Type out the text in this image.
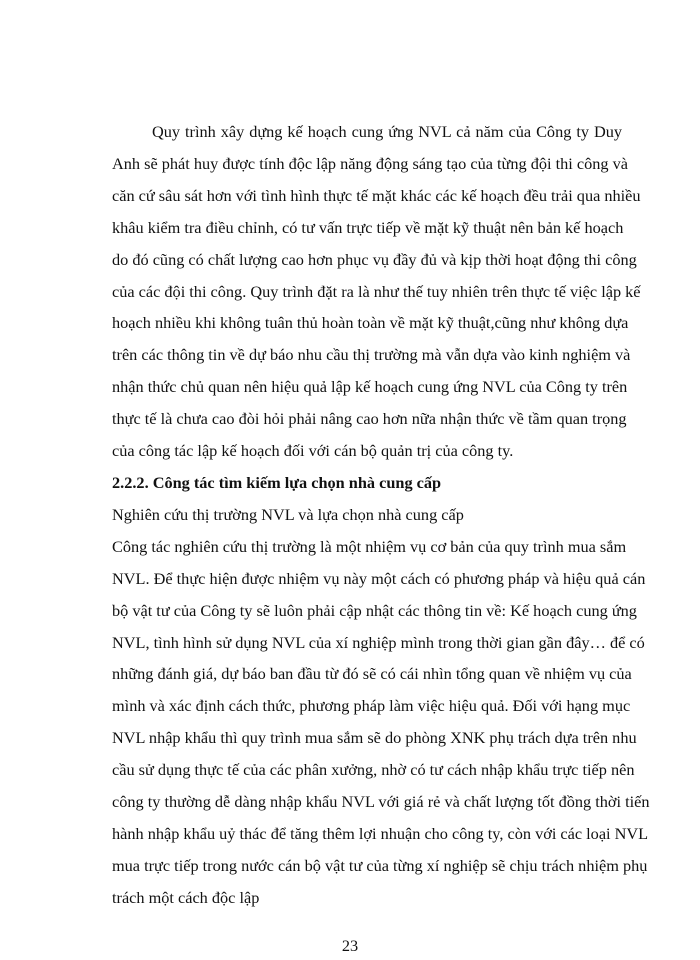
Quy trình xây dựng kế hoạch cung ứng NVL cả năm của Công ty Duy
Anh sẽ phát huy được tính độc lập năng động sáng tạo của từng đội thi công và
căn cứ sâu sát hơn với tình hình thực tế mặt khác các kế hoạch đều trải qua nhiều
khâu kiểm tra điều chỉnh, có tư vấn trực tiếp về mặt kỹ thuật nên bản kế hoạch
do đó cũng có chất lượng cao hơn phục vụ đầy đủ và kịp thời hoạt động thi công
của các đội thi công. Quy trình đặt ra là như thế tuy nhiên trên thực tế việc lập kế
hoạch nhiều khi không tuân thủ hoàn toàn về mặt kỹ thuật,cũng như không dựa
trên các thông tin về dự báo nhu cầu thị trường mà vẫn dựa vào kinh nghiệm và
nhận thức chủ quan nên hiệu quả lập kế hoạch cung ứng NVL của Công ty trên
thực tế là chưa cao đòi hỏi phải nâng cao hơn nữa nhận thức về tầm quan trọng
của công tác lập kế hoạch đối với cán bộ quản trị của công ty.
2.2.2. Công tác tìm kiếm lựa chọn nhà cung cấp
Nghiên cứu thị trường NVL và lựa chọn nhà cung cấp
Công tác nghiên cứu thị trường là một nhiệm vụ cơ bản của quy trình mua sắm
NVL. Để thực hiện được nhiệm vụ này một cách có phương pháp và hiệu quả cán
bộ vật tư của Công ty sẽ luôn phải cập nhật các thông tin về: Kế hoạch cung ứng
NVL, tình hình sử dụng NVL của xí nghiệp mình trong thời gian gần đây… để có
những đánh giá, dự báo ban đầu từ đó sẽ có cái nhìn tổng quan về nhiệm vụ của
mình và xác định cách thức, phương pháp làm việc hiệu quả. Đối với hạng mục
NVL nhập khẩu thì quy trình mua sắm sẽ do phòng XNK phụ trách dựa trên nhu
cầu sử dụng thực tế của các phân xưởng, nhờ có tư cách nhập khẩu trực tiếp nên
công ty thường dễ dàng nhập khẩu NVL với giá rẻ và chất lượng tốt đồng thời tiến
hành nhập khẩu uỷ thác để tăng thêm lợi nhuận cho công ty, còn với các loại NVL
mua trực tiếp trong nước cán bộ vật tư của từng xí nghiệp sẽ chịu trách nhiệm phụ
trách một cách độc lập
23
